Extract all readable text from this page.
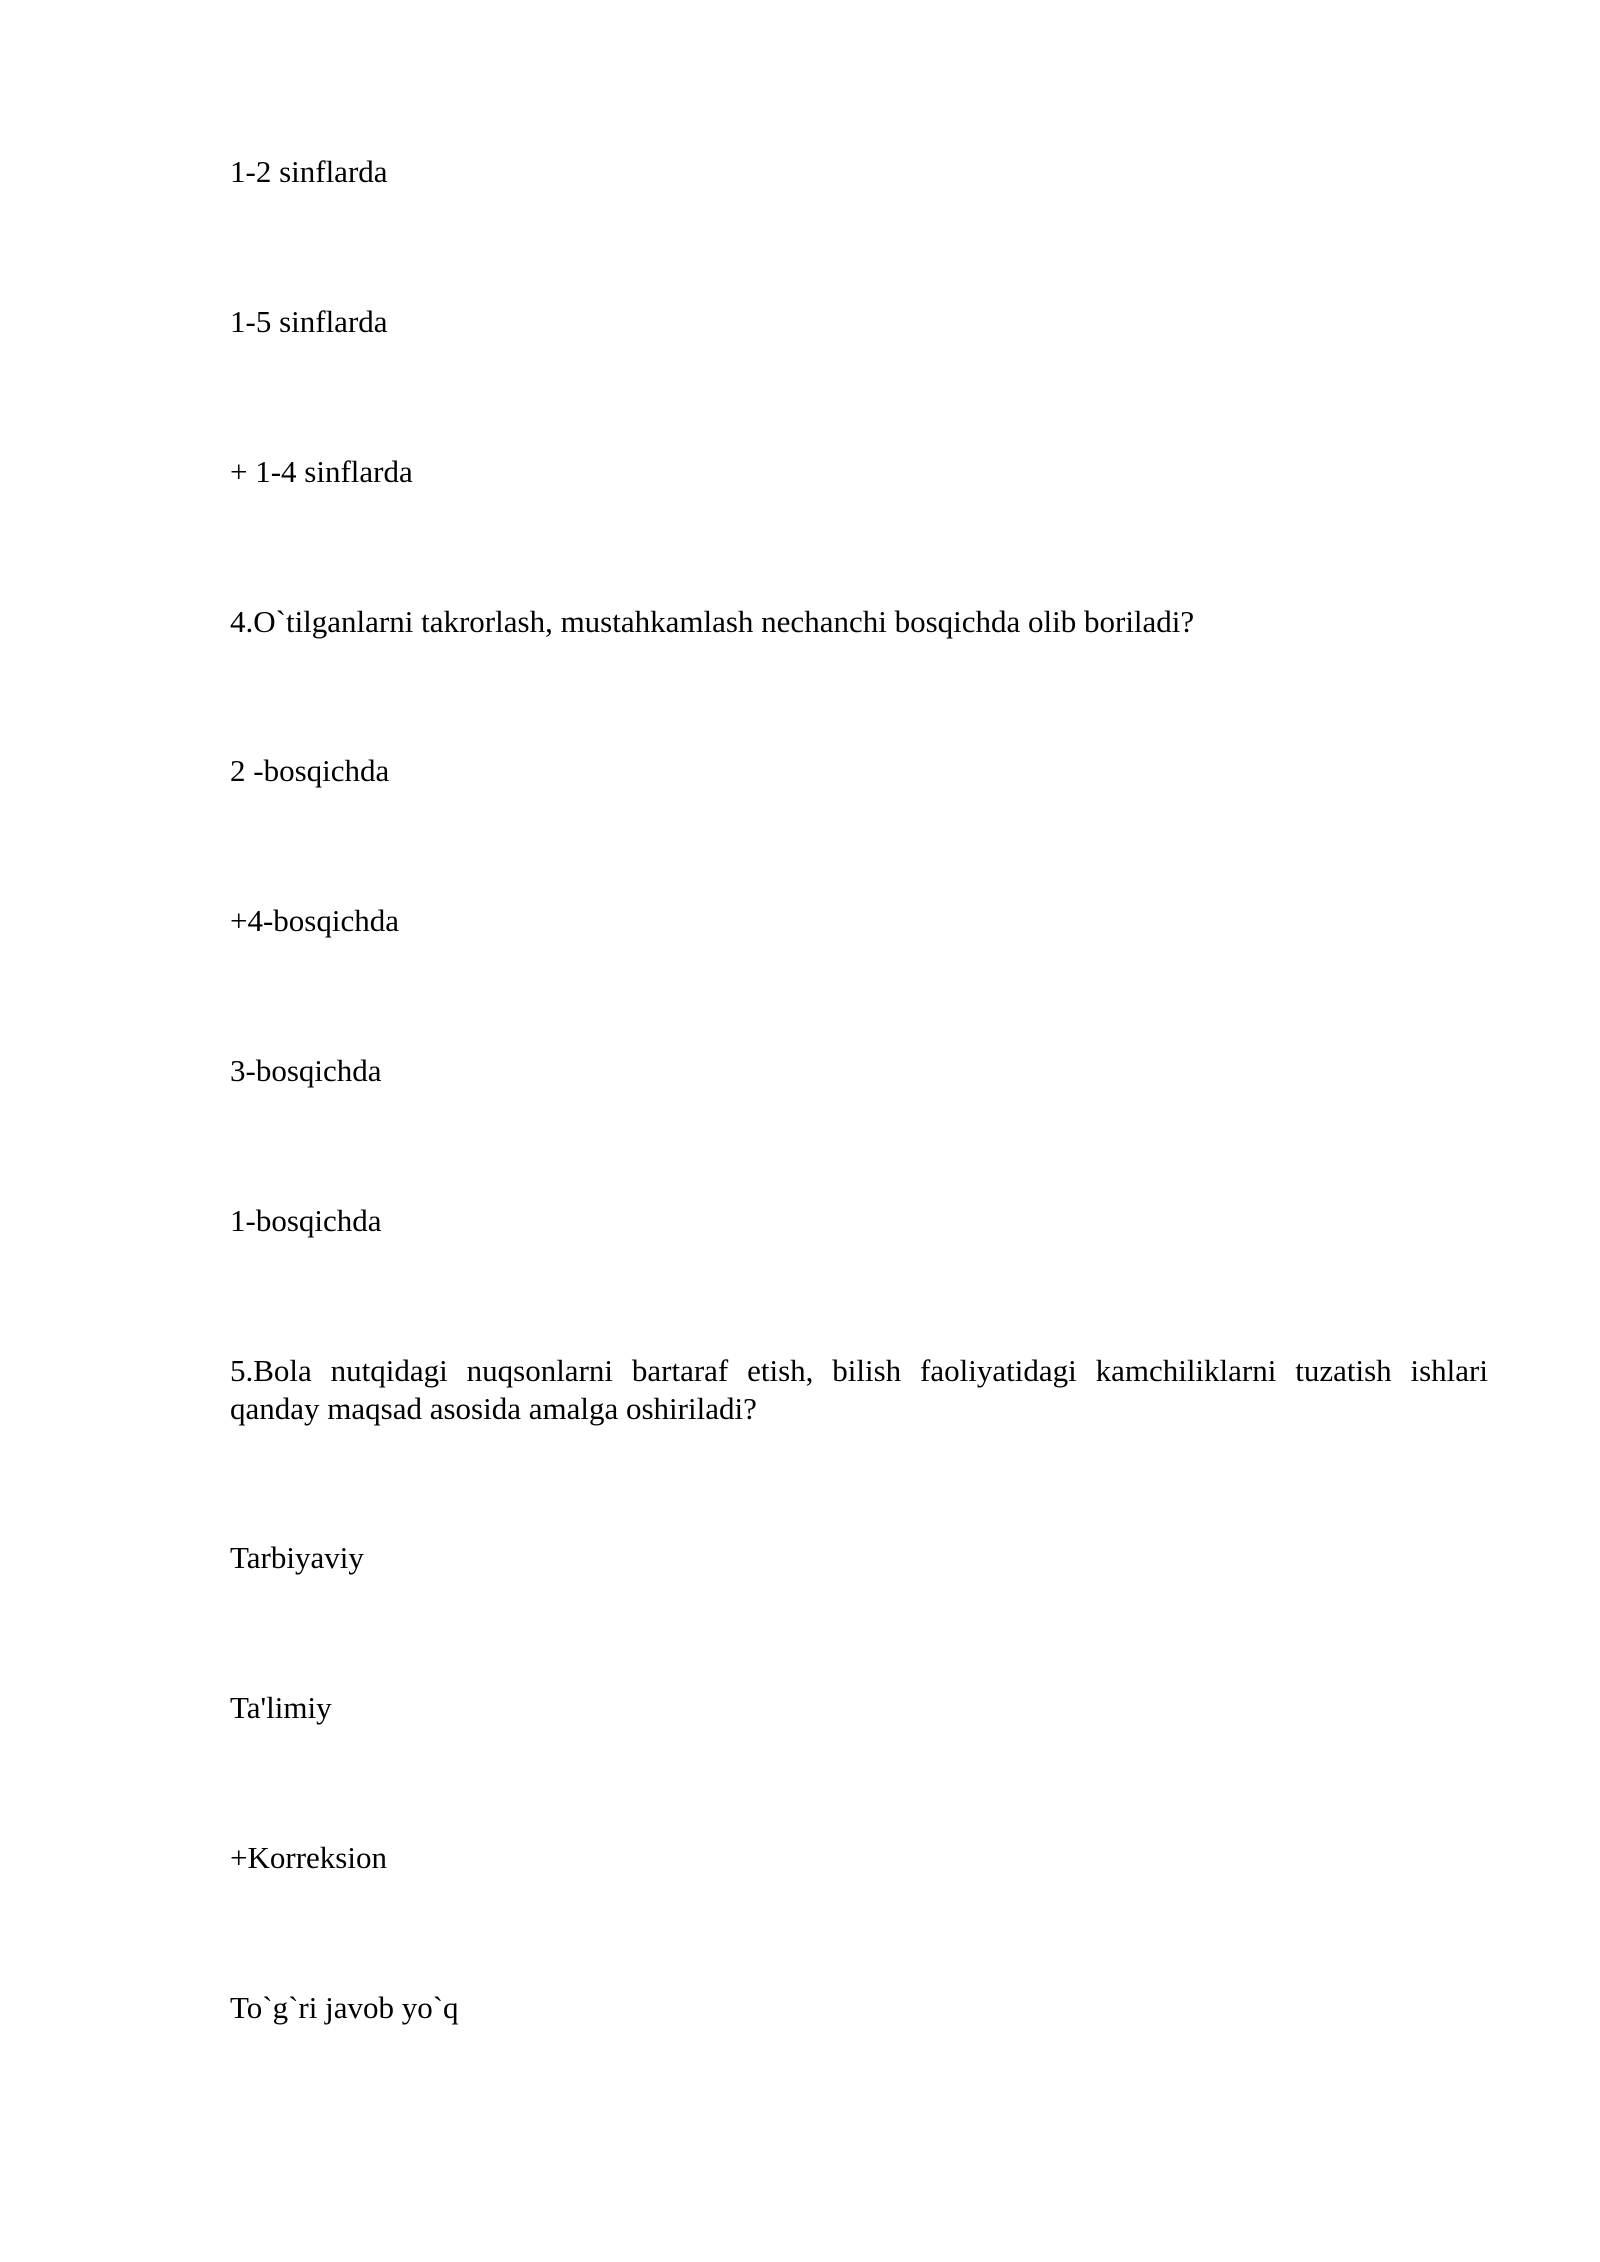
1-2 sinflarda

1-5 sinflarda

+ 1-4 sinflarda

4.O`tilganlarni takrorlash, mustahkamlash nechanchi bosqichda olib boriladi?

2 -bosqichda

+4-bosqichda

3-bosqichda

1-bosqichda

5.Bola nutqidagi nuqsonlarni bartaraf etish, bilish faoliyatidagi kamchiliklarni tuzatish ishlari
qanday maqsad asosida amalga oshiriladi?

Tarbiyaviy

Ta'limiy

+Korreksion

To`g`ri javob yo`q
